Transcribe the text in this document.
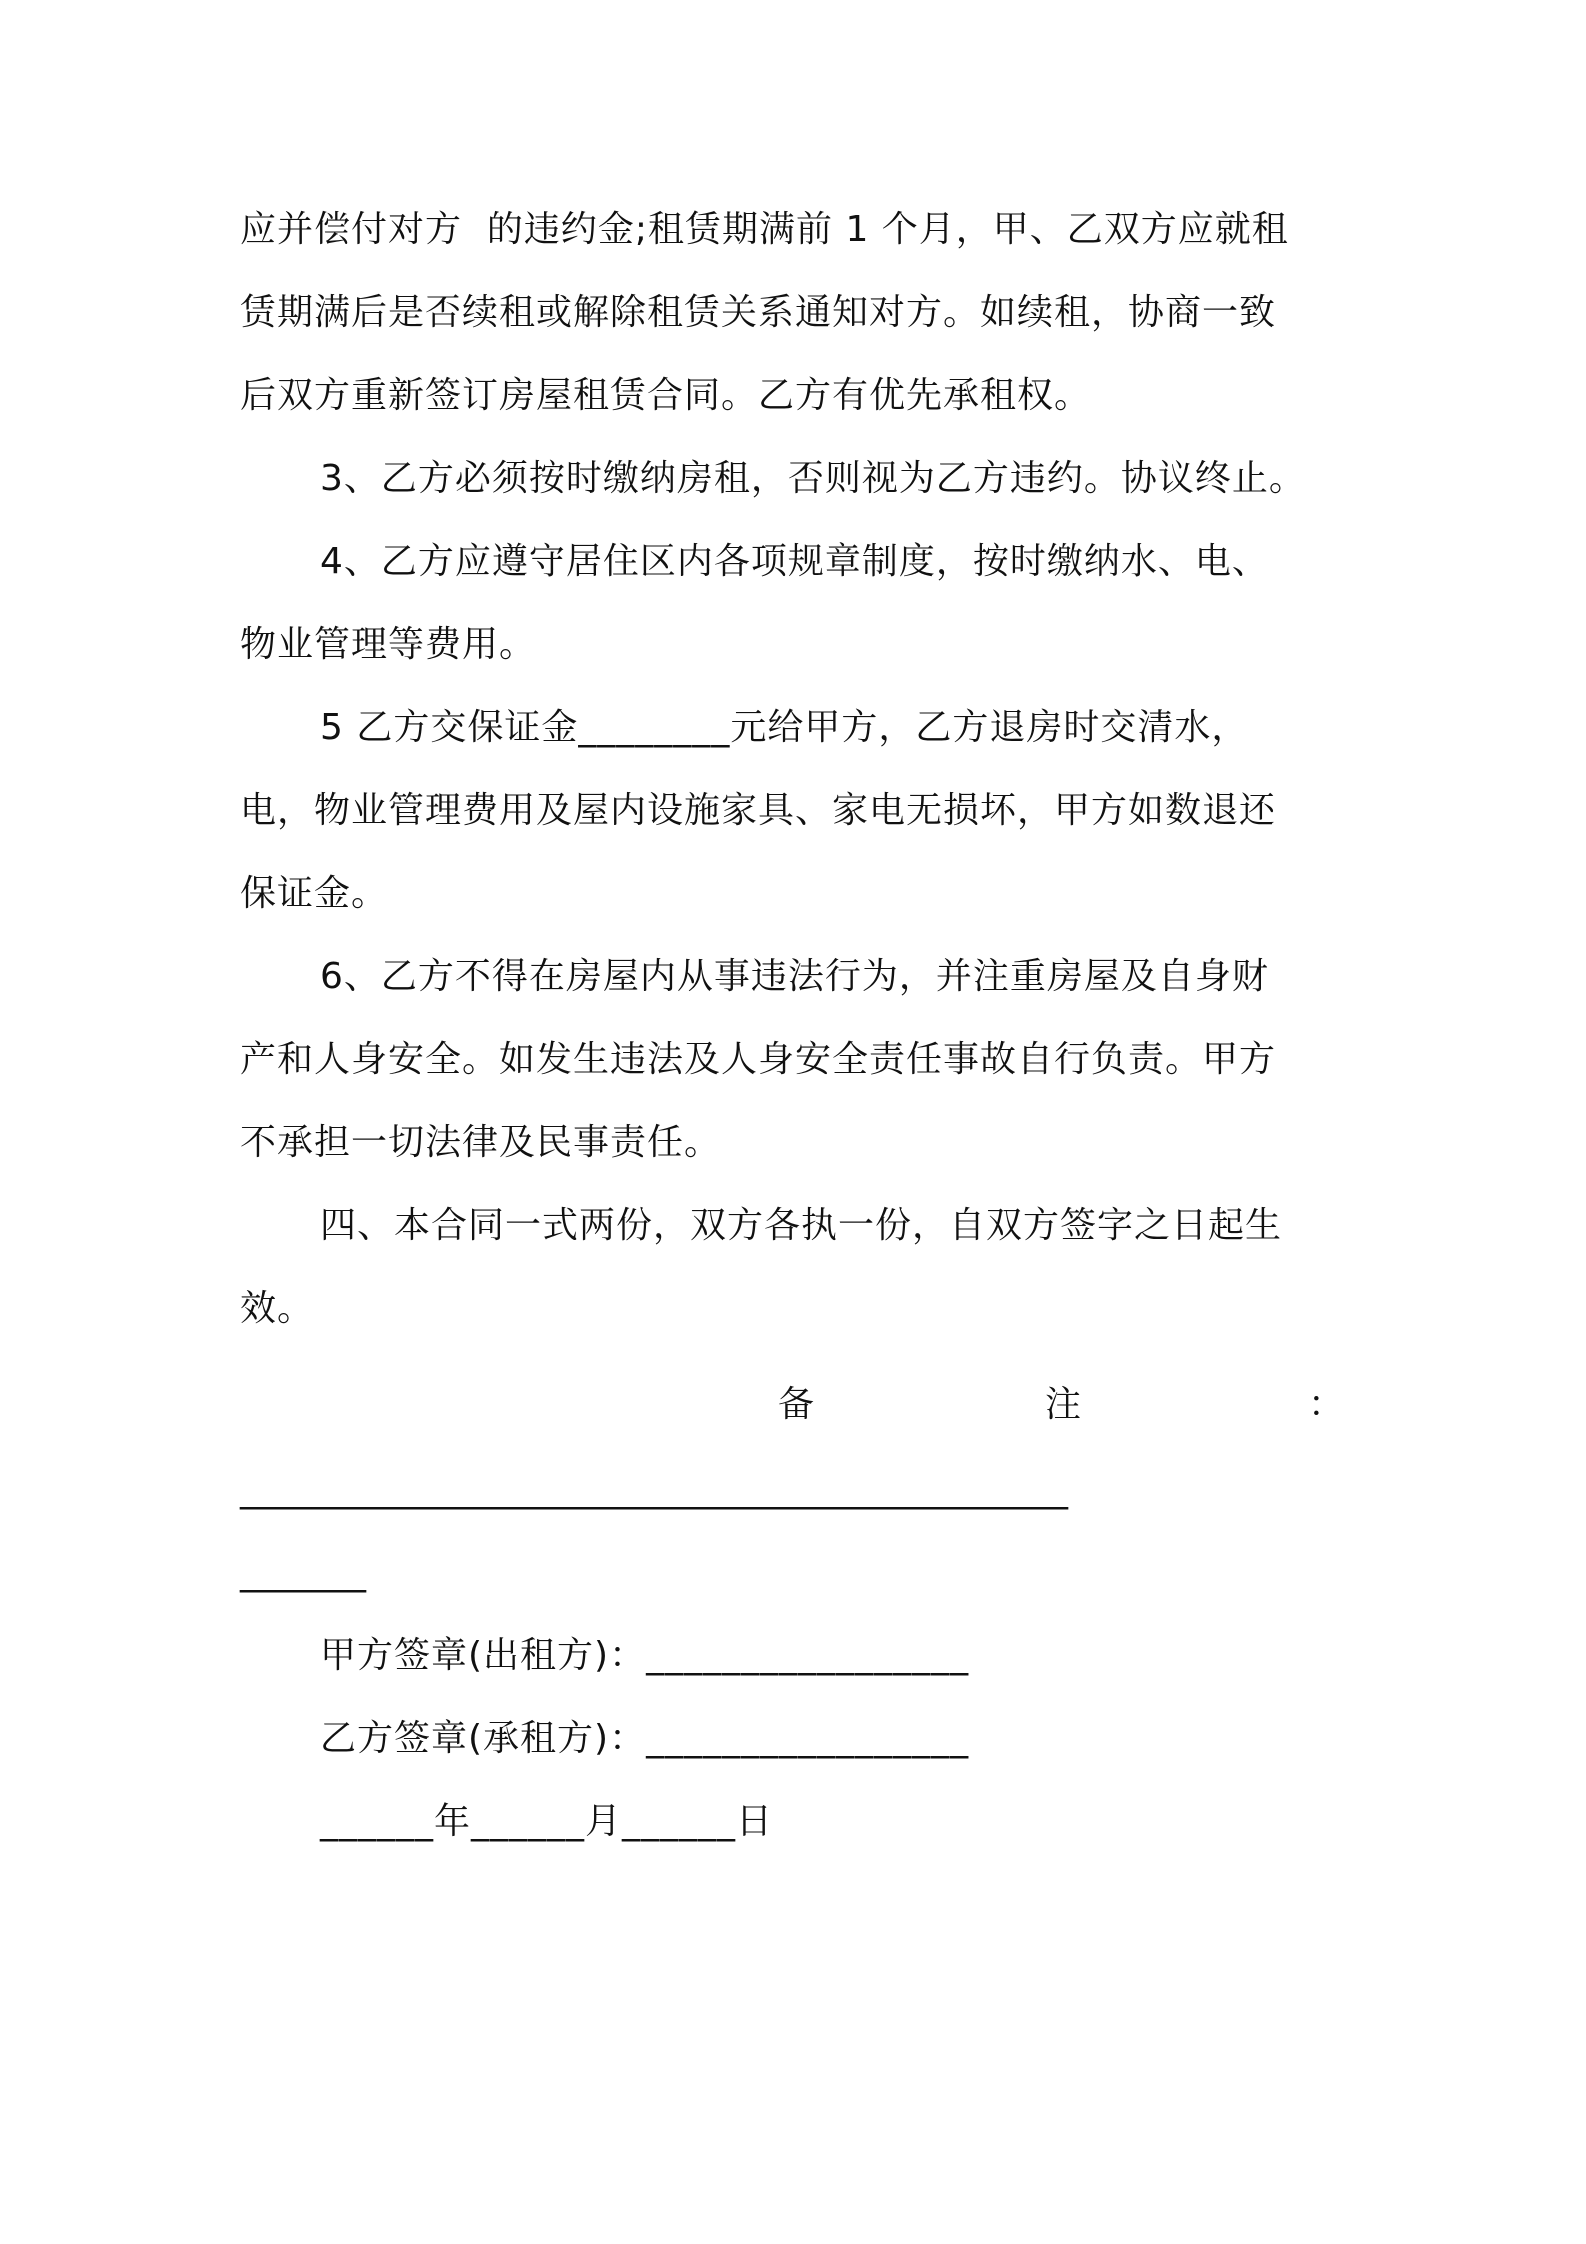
应并偿付对方  的违约金;租赁期满前 1 个月，甲、乙双方应就租
赁期满后是否续租或解除租赁关系通知对方。如续租，协商一致
后双方重新签订房屋租赁合同。乙方有优先承租权。
3、乙方必须按时缴纳房租，否则视为乙方违约。协议终止。
4、乙方应遵守居住区内各项规章制度，按时缴纳水、电、
物业管理等费用。
5 乙方交保证金________元给甲方，乙方退房时交清水，
电，物业管理费用及屋内设施家具、家电无损坏，甲方如数退还
保证金。
6、乙方不得在房屋内从事违法行为，并注重房屋及自身财
产和人身安全。如发生违法及人身安全责任事故自行负责。甲方
不承担一切法律及民事责任。
四、本合同一式两份，双方各执一份，自双方签字之日起生
效。
备	注	：
______________________________________________
_______
甲方签章(出租方)：_________________
乙方签章(承租方)：_________________
______年______月______日
